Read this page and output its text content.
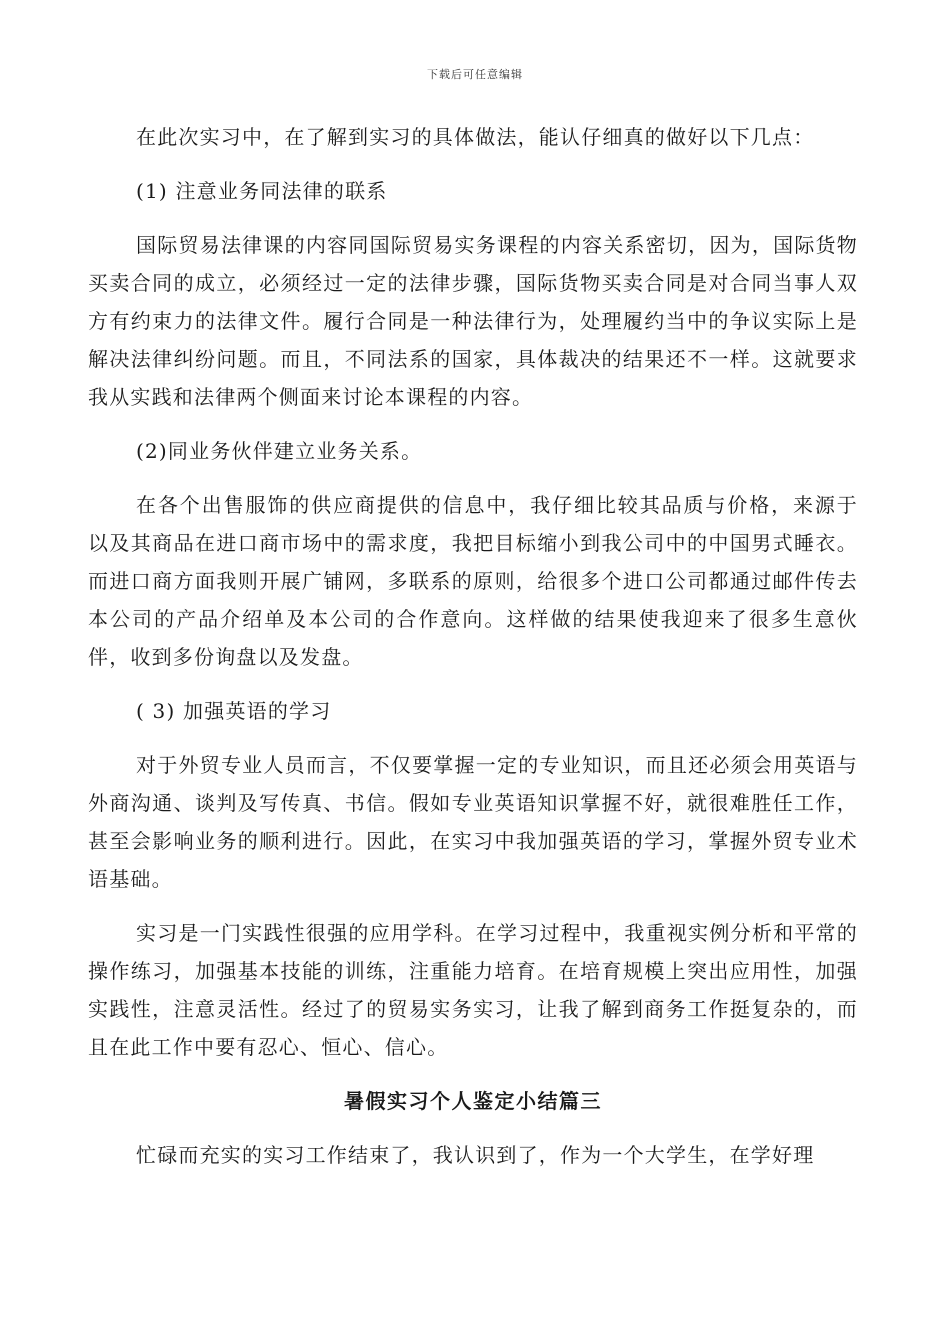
下载后可任意编辑

在此次实习中，在了解到实习的具体做法，能认仔细真的做好以下几点：

(1) 注意业务同法律的联系

国际贸易法律课的内容同国际贸易实务课程的内容关系密切，因为，国际货物买卖合同的成立，必须经过一定的法律步骤，国际货物买卖合同是对合同当事人双方有约束力的法律文件。履行合同是一种法律行为，处理履约当中的争议实际上是解决法律纠纷问题。而且，不同法系的国家，具体裁决的结果还不一样。这就要求我从实践和法律两个侧面来讨论本课程的内容。

(2)同业务伙伴建立业务关系。

在各个出售服饰的供应商提供的信息中，我仔细比较其品质与价格，来源于 以及其商品在进口商市场中的需求度，我把目标缩小到我公司中的中国男式睡衣。而进口商方面我则开展广铺网，多联系的原则，给很多个进口公司都通过邮件传去本公司的产品介绍单及本公司的合作意向。这样做的结果使我迎来了很多生意伙伴，收到多份询盘以及发盘。

( 3) 加强英语的学习

对于外贸专业人员而言，不仅要掌握一定的专业知识，而且还必须会用英语与外商沟通、谈判及写传真、书信。假如专业英语知识掌握不好，就很难胜任工作，甚至会影响业务的顺利进行。因此，在实习中我加强英语的学习，掌握外贸专业术语基础。

实习是一门实践性很强的应用学科。在学习过程中，我重视实例分析和平常的操作练习，加强基本技能的训练，注重能力培育。在培育规模上突出应用性，加强实践性，注意灵活性。经过了的贸易实务实习，让我了解到商务工作挺复杂的，而且在此工作中要有忍心、恒心、信心。

暑假实习个人鉴定小结篇三

忙碌而充实的实习工作结束了，我认识到了，作为一个大学生，在学好理
